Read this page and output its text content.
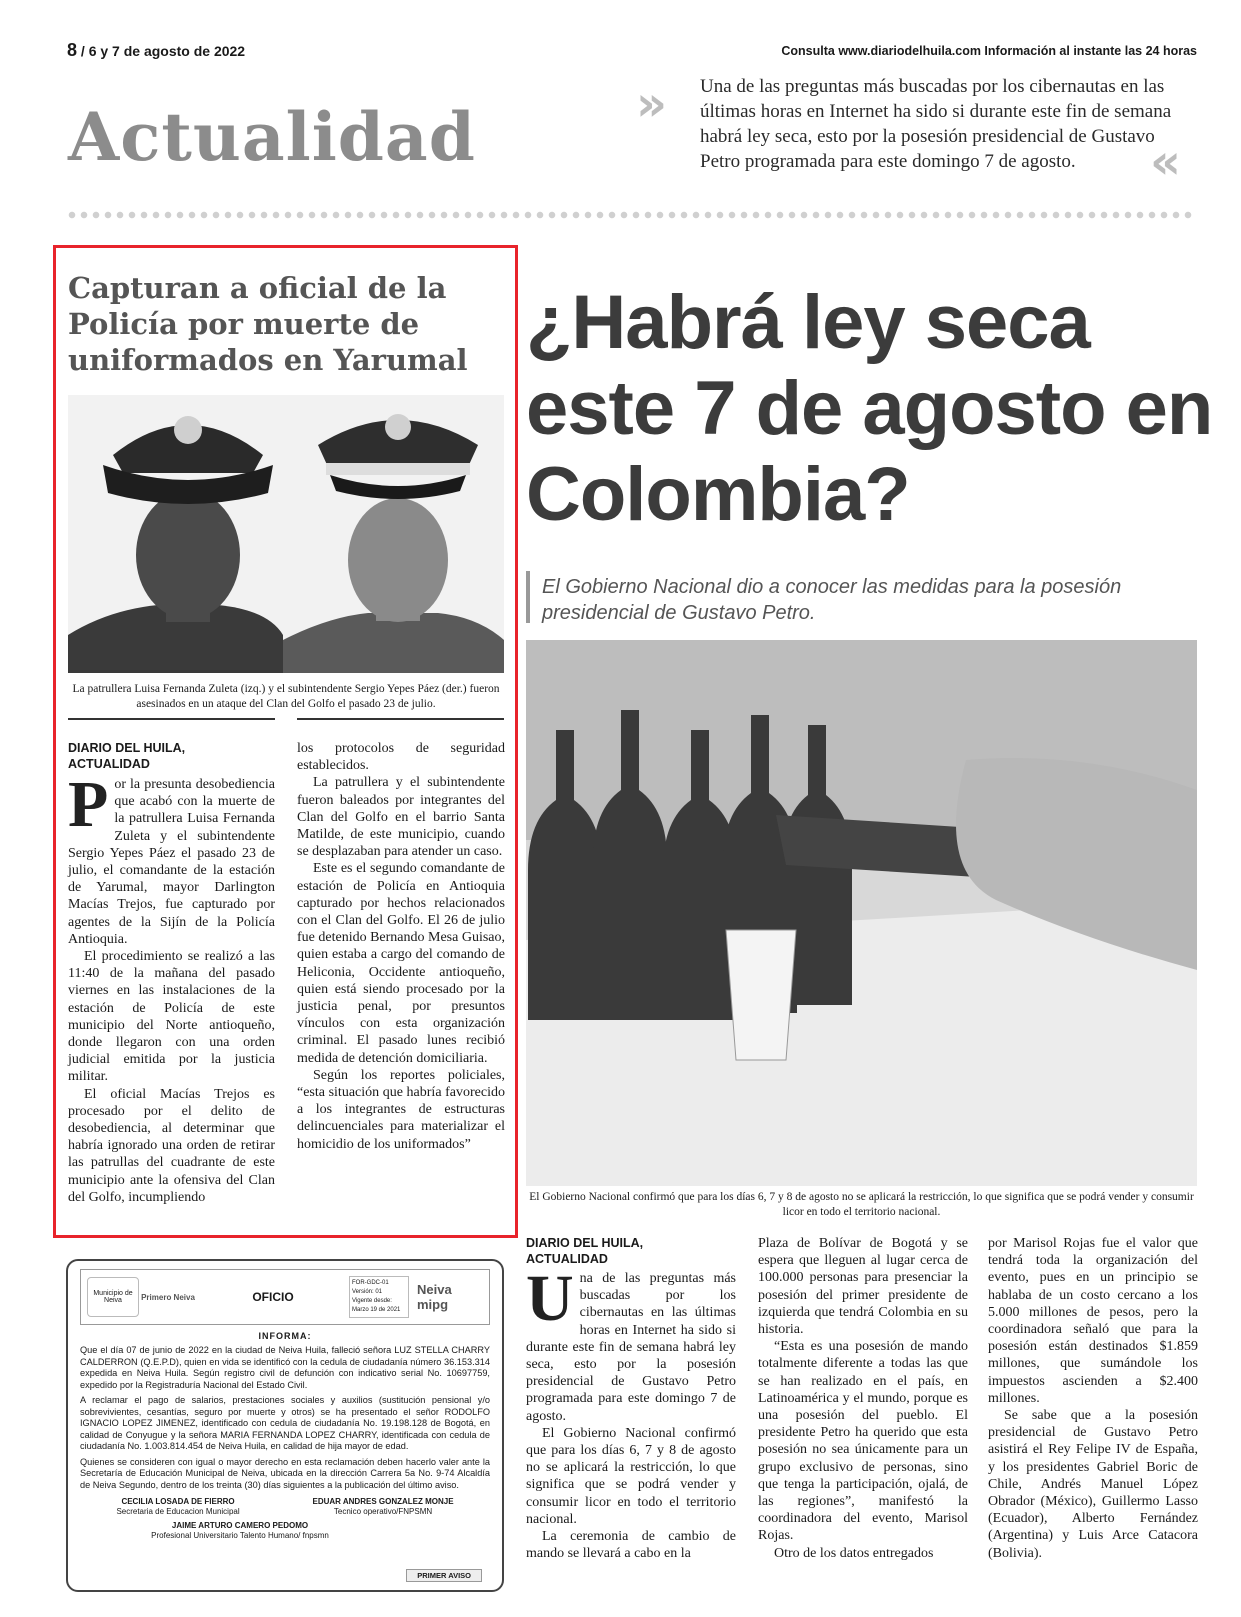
8 / 6 y 7 de agosto de 2022	Consulta www.diariodelhuila.com Información al instante las 24 horas
Actualidad	» Una de las preguntas más buscadas por los cibernautas en las últimas horas en Internet ha sido si durante este fin de semana habrá ley seca, esto por la posesión presidencial de Gustavo Petro programada para este domingo 7 de agosto.	«
Capturan a oficial de la Policía por muerte de uniformados en Yarumal
La patrullera Luisa Fernanda Zuleta (izq.) y el subintendente Sergio Yepes Páez (der.) fueron asesinados en un ataque del Clan del Golfo el pasado 23 de julio.
DIARIO DEL HUILA,
ACTUALIDAD

Por la presunta desobediencia que acabó con la muerte de la patrullera Luisa Fernanda Zuleta y el subintendente Sergio Yepes Páez el pasado 23 de julio, el comandante de la estación de Yarumal, mayor Darlington Macías Trejos, fue capturado por agentes de la Sijín de la Policía Antioquia.

El procedimiento se realizó a las 11:40 de la mañana del pasado viernes en las instalaciones de la estación de Policía de este municipio del Norte antioqueño, donde llegaron con una orden judicial emitida por la justicia militar.

El oficial Macías Trejos es procesado por el delito de desobediencia, al determinar que habría ignorado una orden de retirar las patrullas del cuadrante de este municipio ante la ofensiva del Clan del Golfo, incumpliendo

los protocolos de seguridad establecidos.

La patrullera y el subintendente fueron baleados por integrantes del Clan del Golfo en el barrio Santa Matilde, de este municipio, cuando se desplazaban para atender un caso.

Este es el segundo comandante de estación de Policía en Antioquia capturado por hechos relacionados con el Clan del Golfo. El 26 de julio fue detenido Bernando Mesa Guisao, quien estaba a cargo del comando de Heliconia, Occidente antioqueño, quien está siendo procesado por la justicia penal, por presuntos vínculos con esta organización criminal. El pasado lunes recibió medida de detención domiciliaria.

Según los reportes policiales, “esta situación que habría favorecido a los integrantes de estructuras delincuenciales para materializar el homicidio de los uniformados”

¿Habrá ley seca este 7 de agosto en Colombia?
El Gobierno Nacional dio a conocer las medidas para la posesión presidencial de Gustavo Petro.
El Gobierno Nacional confirmó que para los días 6, 7 y 8 de agosto no se aplicará la restricción, lo que significa que se podrá vender y consumir licor en todo el territorio nacional.
DIARIO DEL HUILA,
ACTUALIDAD

Una de las preguntas más buscadas por los cibernautas en las últimas horas en Internet ha sido si durante este fin de semana habrá ley seca, esto por la posesión presidencial de Gustavo Petro programada para este domingo 7 de agosto.

El Gobierno Nacional confirmó que para los días 6, 7 y 8 de agosto no se aplicará la restricción, lo que significa que se podrá vender y consumir licor en todo el territorio nacional.

La ceremonia de cambio de mando se llevará a cabo en la

Plaza de Bolívar de Bogotá y se espera que lleguen al lugar cerca de 100.000 personas para presenciar la posesión del primer presidente de izquierda que tendrá Colombia en su historia.

“Esta es una posesión de mando totalmente diferente a todas las que se han realizado en el país, en Latinoamérica y el mundo, porque es una posesión del pueblo. El presidente Petro ha querido que esta posesión no sea únicamente para un grupo exclusivo de personas, sino que tenga la participación, ojalá, de las regiones”, manifestó la coordinadora del evento, Marisol Rojas.

Otro de los datos entregados

por Marisol Rojas fue el valor que tendrá toda la organización del evento, pues en un principio se hablaba de un costo cercano a los 5.000 millones de pesos, pero la coordinadora señaló que para la posesión están destinados $1.859 millones, que sumándole los impuestos ascienden a $2.400 millones.

Se sabe que a la posesión presidencial de Gustavo Petro asistirá el Rey Felipe IV de España, y los presidentes Gabriel Boric de Chile, Andrés Manuel López Obrador (México), Guillermo Lasso (Ecuador), Alberto Fernández (Argentina) y Luis Arce Catacora (Bolivia).

Municipio de Neiva	Primero Neiva	OFICIO
FOR-GDC-01
Versión: 01
Vigente desde: Marzo 19 de 2021
Neiva
mipg
INFORMA:
Que el día 07 de junio de 2022 en la ciudad de Neiva Huila, falleció señora LUZ STELLA CHARRY CALDERRON (Q.E.P.D), quien en vida se identificó con la cedula de ciudadanía número 36.153.314 expedida en Neiva Huila. Según registro civil de defunción con indicativo serial No. 10697759, expedido por la Registraduría Nacional del Estado Civil.
A reclamar el pago de salarios, prestaciones sociales y auxilios (sustitución pensional y/o sobrevivientes, cesantías, seguro por muerte y otros) se ha presentado el señor RODOLFO IGNACIO LOPEZ JIMENEZ, identificado con cedula de ciudadanía No. 19.198.128 de Bogotá, en calidad de Conyugue y la señora MARIA FERNANDA LOPEZ CHARRY, identificada con cedula de ciudadanía No. 1.003.814.454 de Neiva Huila, en calidad de hija mayor de edad.
Quienes se consideren con igual o mayor derecho en esta reclamación deben hacerlo valer ante la Secretaría de Educación Municipal de Neiva, ubicada en la dirección Carrera 5a No. 9-74 Alcaldía de Neiva Segundo, dentro de los treinta (30) días siguientes a la publicación del último aviso.
CECILIA LOSADA DE FIERRO
Secretaria de Educacion Municipal
EDUAR ANDRES GONZALEZ MONJE
Tecnico operativo/FNPSMN
JAIME ARTURO CAMERO PEDOMO
Profesional Universitario Talento Humano/ fnpsmn
PRIMER AVISO
